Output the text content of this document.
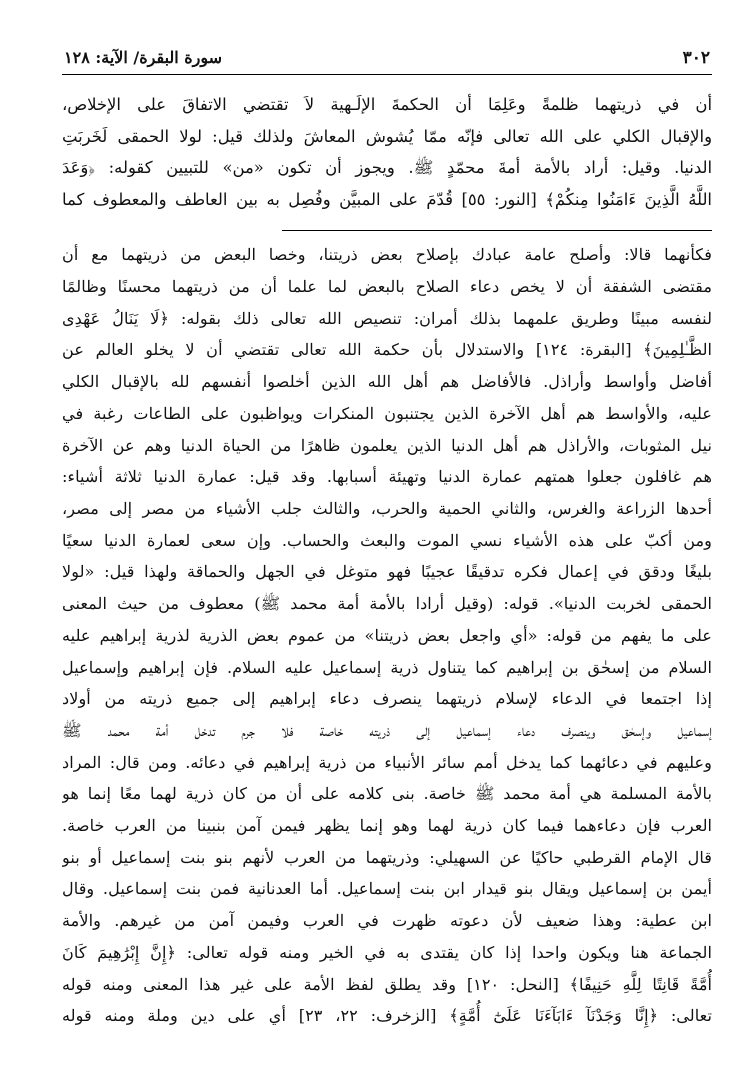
٣٠٢
سورة البقرة/ الآية: ١٢٨
أن في ذريتهما ظلمةً وعَلِمَا أن الحكمةَ الإلَـهية لاَ تقتضي الاتفاقَ على الإخلاص،
والإقبال الكلي على الله تعالى فإنّه ممّا يُشوش المعاشَ ولذلك قيل: لولا الحمقى لَخَربَتِ
الدنيا. وقيل: أراد بالأمة أمةَ محمّدٍ ﷺ. ويجوز أن تكون «من» للتبيين كقوله: ﴿وَعَدَ
اللَّهُ الَّذِينَ ءَامَنُوا مِنكُمْ﴾ [النور: ٥٥] قُدّمَ على المبيَّن وفُصِل به بين العاطف والمعطوف كما
فكأنهما قالا: وأصلح عامة عبادك بإصلاح بعض ذريتنا، وخصا البعض من ذريتهما مع أن
مقتضى الشفقة أن لا يخص دعاء الصلاح بالبعض لما علما أن من ذريتهما محسنًا وظالمًا
لنفسه مبينًا وطريق علمهما بذلك أمران: تنصيص الله تعالى ذلك بقوله: ﴿لَا يَنَالُ عَهْدِى
الظَّـٰلِمِينَ﴾ [البقرة: ١٢٤] والاستدلال بأن حكمة الله تعالى تقتضي أن لا يخلو العالم عن
أفاضل وأواسط وأراذل. فالأفاضل هم أهل الله الذين أخلصوا أنفسهم لله بالإقبال الكلي
عليه، والأواسط هم أهل الآخرة الذين يجتنبون المنكرات ويواظبون على الطاعات رغبة في
نيل المثوبات، والأراذل هم أهل الدنيا الذين يعلمون ظاهرًا من الحياة الدنيا وهم عن الآخرة
هم غافلون جعلوا همتهم عمارة الدنيا وتهيئة أسبابها. وقد قيل: عمارة الدنيا ثلاثة أشياء:
أحدها الزراعة والغرس، والثاني الحمية والحرب، والثالث جلب الأشياء من مصر إلى مصر،
ومن أكبّ على هذه الأشياء نسي الموت والبعث والحساب. وإن سعى لعمارة الدنيا سعيًا
بليغًا ودقق في إعمال فكره تدقيقًا عجيبًا فهو متوغل في الجهل والحماقة ولهذا قيل: «لولا
الحمقى لخربت الدنيا». قوله: (وقيل أرادا بالأمة أمة محمد ﷺ) معطوف من حيث المعنى
على ما يفهم من قوله: «أي واجعل بعض ذريتنا» من عموم بعض الذرية لذرية إبراهيم عليه
السلام من إسحٰق بن إبراهيم كما يتناول ذرية إسماعيل عليه السلام. فإن إبراهيم وإسماعيل
إذا اجتمعا في الدعاء لإسلام ذريتهما ينصرف دعاء إبراهيم إلى جميع ذريته من أولاد
إسماعيل وإسحٰق وينصرف دعاء إسماعيل إلى ذريته خاصة فلا جرم تدخل أمة محمد ﷺ
وعليهم في دعائهما كما يدخل أمم سائر الأنبياء من ذرية إبراهيم في دعائه. ومن قال: المراد
بالأمة المسلمة هي أمة محمد ﷺ خاصة. بنى كلامه على أن من كان ذرية لهما معًا إنما هو
العرب فإن دعاءهما فيما كان ذرية لهما وهو إنما يظهر فيمن آمن بنبينا من العرب خاصة.
قال الإمام القرطبي حاكيًا عن السهيلي: وذريتهما من العرب لأنهم بنو بنت إسماعيل أو بنو
أيمن بن إسماعيل ويقال بنو قيدار ابن بنت إسماعيل. أما العدنانية فمن بنت إسماعيل. وقال
ابن عطية: وهذا ضعيف لأن دعوته ظهرت في العرب وفيمن آمن من غيرهم. والأمة
الجماعة هنا ويكون واحدا إذا كان يقتدى به في الخير ومنه قوله تعالى: ﴿إِنَّ إِبْرَٰهِيمَ كَانَ
أُمَّةً قَانِتًا لِلَّهِ حَنِيفًا﴾ [النحل: ١٢٠] وقد يطلق لفظ الأمة على غير هذا المعنى ومنه قوله
تعالى: ﴿إِنَّا وَجَدْنَآ ءَابَآءَنَا عَلَىٰٓ أُمَّةٍ﴾ [الزخرف: ٢٢، ٢٣] أي على دين وملة ومنه قوله
